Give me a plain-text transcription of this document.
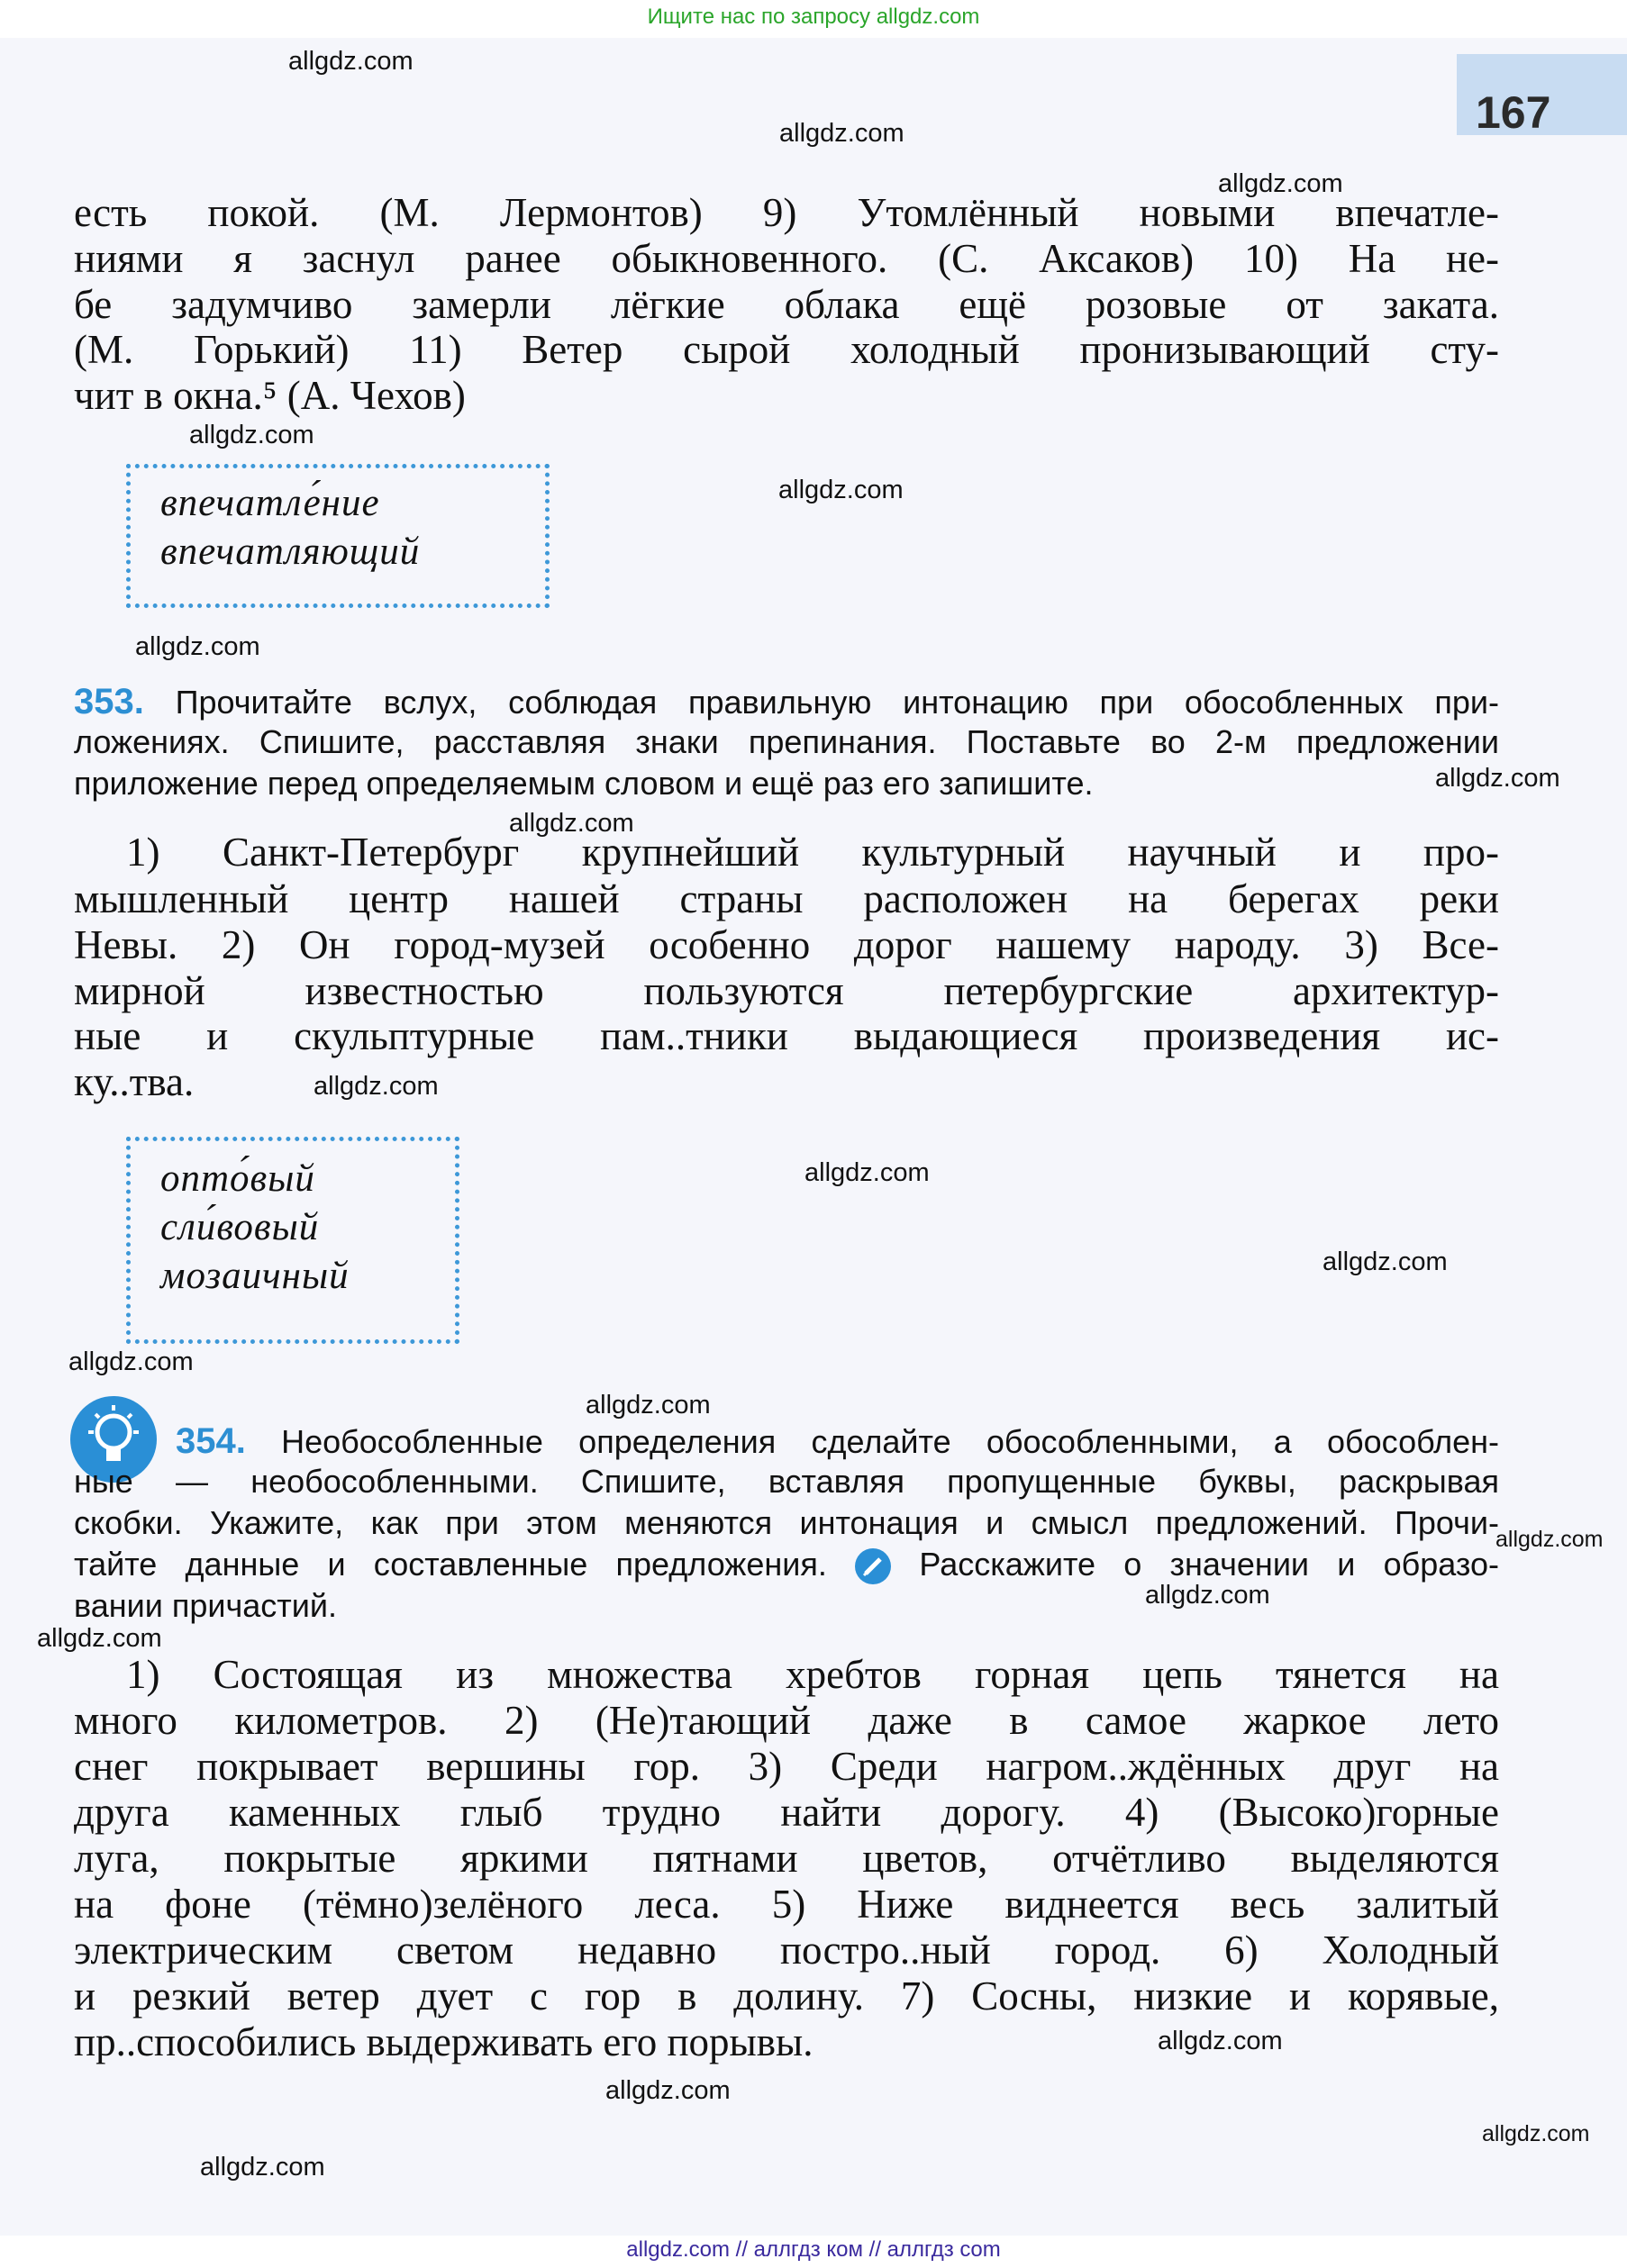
Ищите нас по запросу allgdz.com
167
allgdz.com
allgdz.com
allgdz.com
allgdz.com
allgdz.com
allgdz.com
allgdz.com
allgdz.com
allgdz.com
allgdz.com
allgdz.com
allgdz.com
allgdz.com
allgdz.com
allgdz.com
allgdz.com
allgdz.com
allgdz.com
allgdz.com
allgdz.com
есть покой. (М. Лермонтов) 9) Утомлённый новыми впечатле-
ниями я заснул ранее обыкновенного. (С. Аксаков) 10) На не-
бе задумчиво замерли лёгкие облака ещё розовые от заката.
(М. Горький) 11) Ветер сырой холодный пронизывающий сту-
чит в окна.⁵ (А. Чехов)
впечатле́ние
впечатляющий
353. Прочитайте вслух, соблюдая правильную интонацию при обособленных при-
ложениях. Спишите, расставляя знаки препинания. Поставьте во 2-м предложении
приложение перед определяемым словом и ещё раз его запишите.
1) Санкт-Петербург крупнейший культурный научный и про-
мышленный центр нашей страны расположен на берегах реки
Невы. 2) Он город-музей особенно дорог нашему народу. 3) Все-
мирной известностью пользуются петербургские архитектур-
ные и скульптурные пам..тники выдающиеся произведения ис-
ку..тва.
опто́вый
сли́вовый
мозаичный
354. Необособленные определения сделайте обособленными, а обособлен-
ные — необособленными. Спишите, вставляя пропущенные буквы, раскрывая
скобки. Укажите, как при этом меняются интонация и смысл предложений. Прочи-
тайте данные и составленные предложения.	Расскажите о значении и образо-
вании причастий.
1) Состоящая из множества хребтов горная цепь тянется на
много километров. 2) (Не)тающий даже в самое жаркое лето
снег покрывает вершины гор. 3) Среди нагром..ждённых друг на
друга каменных глыб трудно найти дорогу. 4) (Высоко)горные
луга, покрытые яркими пятнами цветов, отчётливо выделяются
на фоне (тёмно)зелёного леса. 5) Ниже виднеется весь залитый
электрическим светом недавно постро..ный город. 6) Холодный
и резкий ветер дует с гор в долину. 7) Сосны, низкие и корявые,
пр..способились выдерживать его порывы.
allgdz.com // аллгдз ком // аллгдз com
